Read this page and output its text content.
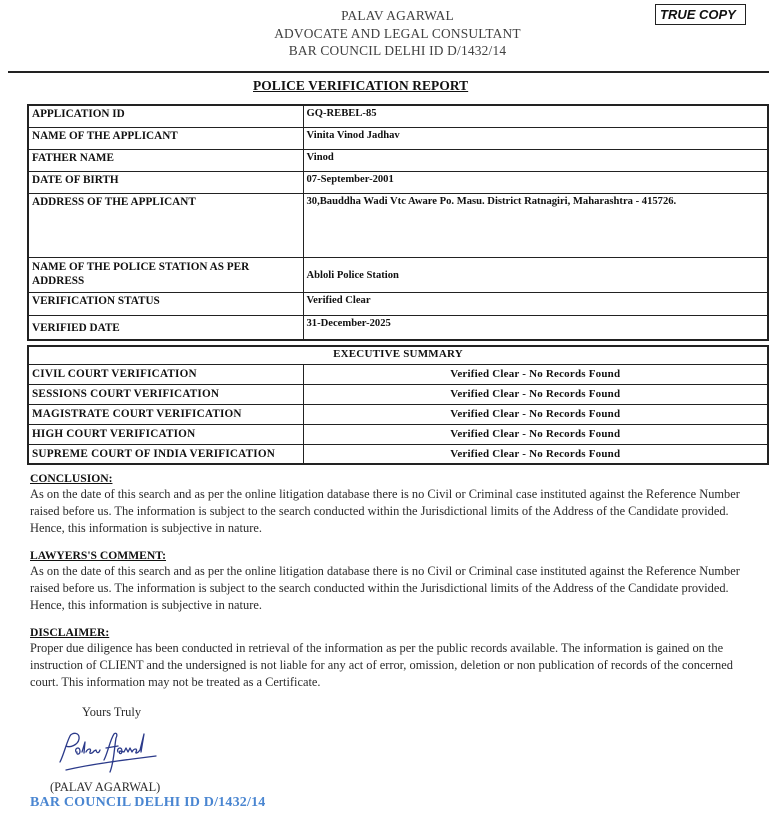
PALAV AGARWAL
ADVOCATE AND LEGAL CONSULTANT
BAR COUNCIL DELHI ID D/1432/14
TRUE COPY
POLICE VERIFICATION REPORT
APPLICATION ID	GQ-REBEL-85
NAME OF THE APPLICANT	Vinita Vinod Jadhav
FATHER NAME	Vinod
DATE OF BIRTH	07-September-2001
ADDRESS OF THE APPLICANT	30,Bauddha Wadi Vtc Aware Po. Masu. District Ratnagiri, Maharashtra - 415726.
NAME OF THE POLICE STATION AS PER ADDRESS	Abloli Police Station
VERIFICATION STATUS	Verified Clear
VERIFIED DATE	31-December-2025
EXECUTIVE SUMMARY	
CIVIL COURT VERIFICATION	Verified Clear - No Records Found
SESSIONS COURT VERIFICATION	Verified Clear - No Records Found
MAGISTRATE COURT VERIFICATION	Verified Clear - No Records Found
HIGH COURT VERIFICATION	Verified Clear - No Records Found
SUPREME COURT OF INDIA VERIFICATION	Verified Clear - No Records Found
CONCLUSION:
As on the date of this search and as per the online litigation database there is no Civil or Criminal case instituted against the Reference Number raised before us. The information is subject to the search conducted within the Jurisdictional limits of the Address of the Candidate provided. Hence, this information is subjective in nature.
LAWYERS'S COMMENT:
As on the date of this search and as per the online litigation database there is no Civil or Criminal case instituted against the Reference Number raised before us. The information is subject to the search conducted within the Jurisdictional limits of the Address of the Candidate provided. Hence, this information is subjective in nature.
DISCLAIMER:
Proper due diligence has been conducted in retrieval of the information as per the public records available. The information is gained on the instruction of CLIENT and the undersigned is not liable for any act of error, omission, deletion or non publication of records of the concerned court. This information may not be treated as a Certificate.
Yours Truly
(PALAV AGARWAL)
BAR COUNCIL DELHI ID D/1432/14
